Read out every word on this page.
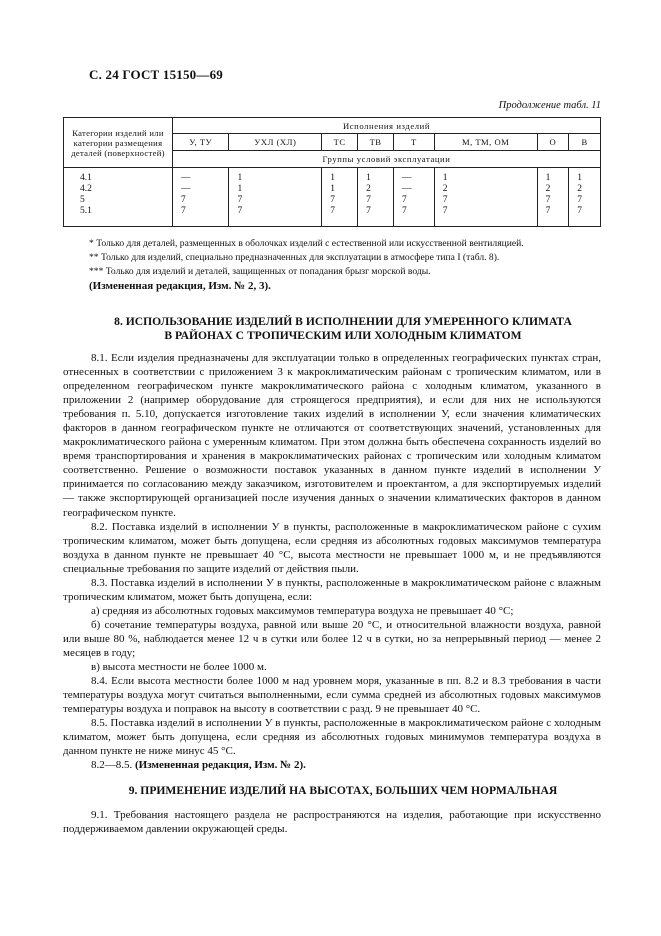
С. 24 ГОСТ 15150—69
Продолжение табл. 11
Категории изделий или категории размещения деталей (поверхностей)	Исполнения изделий							
	У, ТУ	УХЛ (ХЛ)	ТС	ТВ	Т	М, ТМ, ОМ	О	В
	Группы условий эксплуатации							
4.1	—	1	1	1	—	1	1	1
4.2	—	1	1	2	—	2	2	2
5	7	7	7	7	7	7	7	7
5.1	7	7	7	7	7	7	7	7

* Только для деталей, размещенных в оболочках изделий с естественной или искусственной вентиляцией.

** Только для изделий, специально предназначенных для эксплуатации в атмосфере типа I (табл. 8).

*** Только для изделий и деталей, защищенных от попадания брызг морской воды.

(Измененная редакция, Изм. № 2, 3).

8. ИСПОЛЬЗОВАНИЕ ИЗДЕЛИЙ В ИСПОЛНЕНИИ ДЛЯ УМЕРЕННОГО КЛИМАТА
В РАЙОНАХ С ТРОПИЧЕСКИМ ИЛИ ХОЛОДНЫМ КЛИМАТОМ

8.1. Если изделия предназначены для эксплуатации только в определенных географических пунктах стран, отнесенных в соответствии с приложением 3 к макроклиматическим районам с тропическим климатом, или в определенном географическом пункте макроклиматического района с холодным климатом, указанного в приложении 2 (например оборудование для строящегося предприятия), и если для них не используются требования п. 5.10, допускается изготовление таких изделий в исполнении У, если значения климатических факторов в данном географическом пункте не отличаются от соответствующих значений, установленных для макроклиматического района с умеренным климатом. При этом должна быть обеспечена сохранность изделий во время транспортирования и хранения в макроклиматических районах с тропическим или холодным климатом соответственно. Решение о возможности поставок указанных в данном пункте изделий в исполнении У принимается по согласованию между заказчиком, изготовителем и проектантом, а для экспортируемых изделий — также экспортирующей организацией после изучения данных о значении климатических факторов в данном географическом пункте.

8.2. Поставка изделий в исполнении У в пункты, расположенные в макроклиматическом районе с сухим тропическим климатом, может быть допущена, если средняя из абсолютных годовых максимумов температура воздуха в данном пункте не превышает 40 °С, высота местности не превышает 1000 м, и не предъявляются специальные требования по защите изделий от действия пыли.

8.3. Поставка изделий в исполнении У в пункты, расположенные в макроклиматическом районе с влажным тропическим климатом, может быть допущена, если:

а) средняя из абсолютных годовых максимумов температура воздуха не превышает 40 °С;

б) сочетание температуры воздуха, равной или выше 20 °С, и относительной влажности воздуха, равной или выше 80 %, наблюдается менее 12 ч в сутки или более 12 ч в сутки, но за непрерывный период — менее 2 месяцев в году;

в) высота местности не более 1000 м.

8.4. Если высота местности более 1000 м над уровнем моря, указанные в пп. 8.2 и 8.3 требования в части температуры воздуха могут считаться выполненными, если сумма средней из абсолютных годовых максимумов температуры воздуха и поправок на высоту в соответствии с разд. 9 не превышает 40 °С.

8.5. Поставка изделий в исполнении У в пункты, расположенные в макроклиматическом районе с холодным климатом, может быть допущена, если средняя из абсолютных годовых минимумов температура воздуха в данном пункте не ниже минус 45 °С.

8.2—8.5. (Измененная редакция, Изм. № 2).

9. ПРИМЕНЕНИЕ ИЗДЕЛИЙ НА ВЫСОТАХ, БОЛЬШИХ ЧЕМ НОРМАЛЬНАЯ

9.1. Требования настоящего раздела не распространяются на изделия, работающие при искусственно поддерживаемом давлении окружающей среды.
